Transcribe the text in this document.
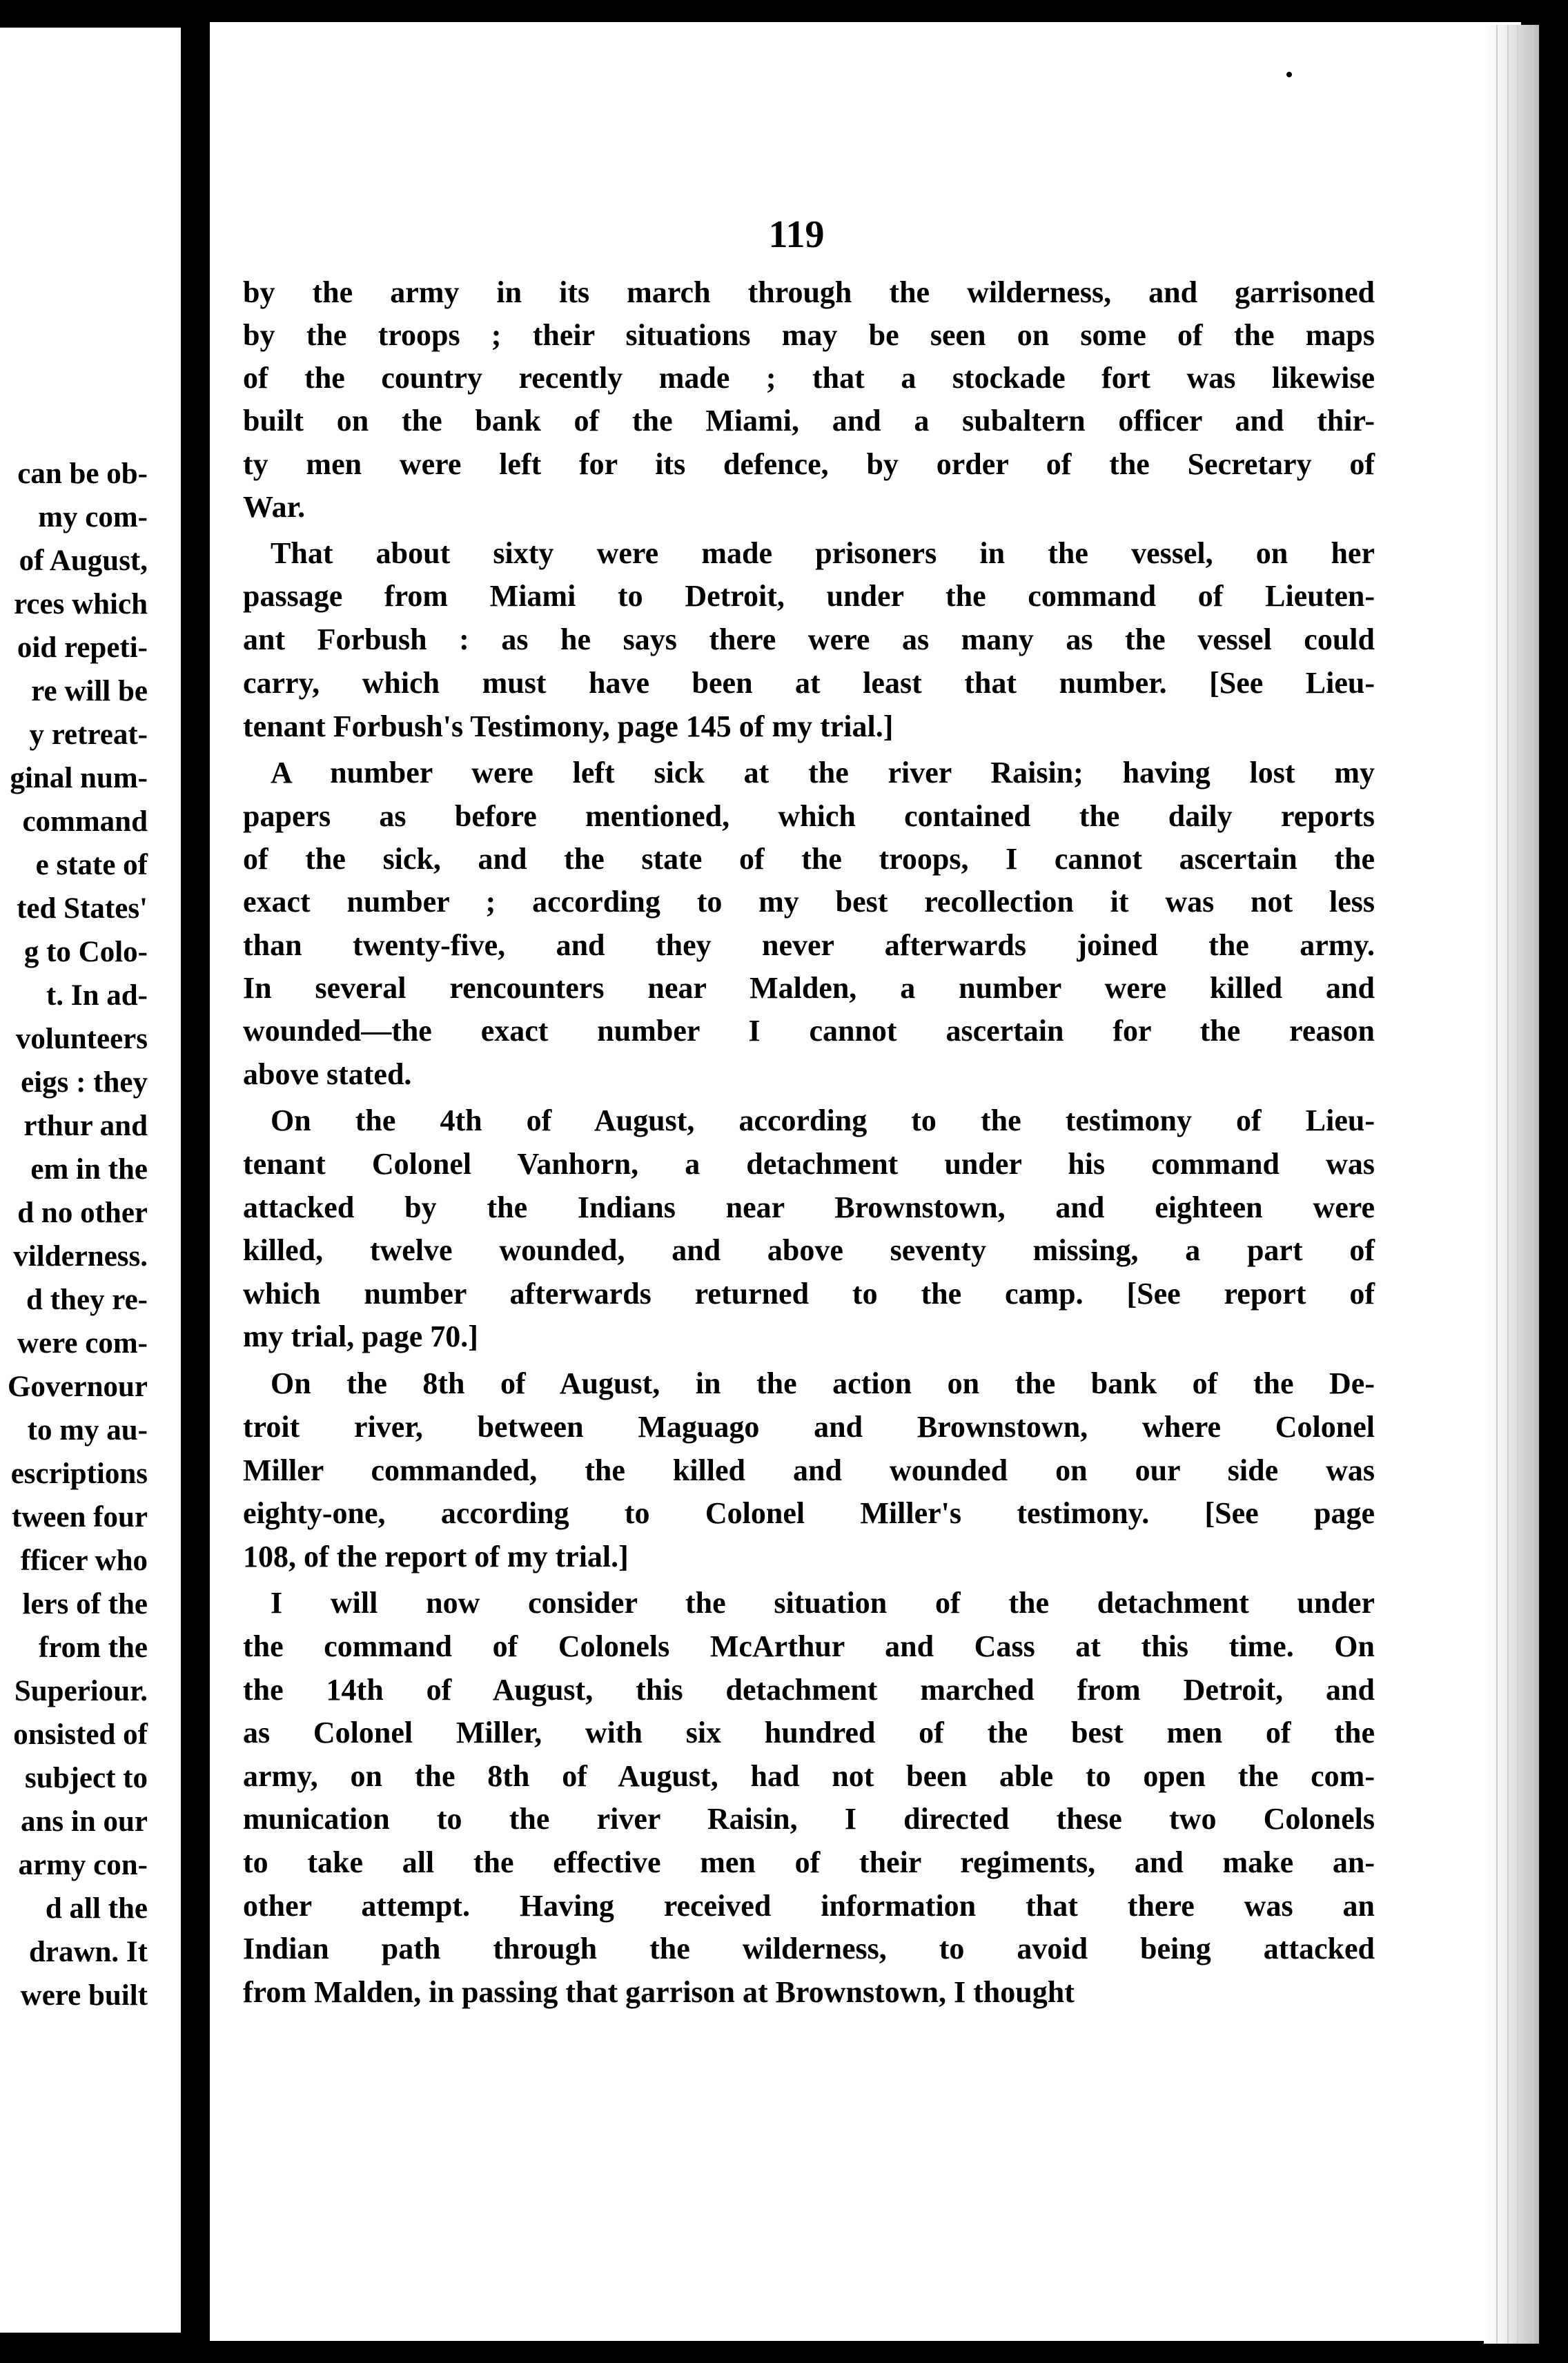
can be ob-
my com-
of August,
rces which
oid repeti-
re will be
y retreat-
ginal num-
command
e state of
ted States'
g to Colo-
t. In ad-
volunteers
eigs : they
rthur and
em in the
d no other
vilderness.
d they re-
were com-
Governour
to my au-
escriptions
tween four
fficer who
lers of the
from the
Superiour.
onsisted of
subject to
ans in our
army con-
d all the
drawn. It
were built
119
by the army in its march through the wilderness, and garrisoned
by the troops ; their situations may be seen on some of the maps
of the country recently made ; that a stockade fort was likewise
built on the bank of the Miami, and a subaltern officer and thir-
ty men were left for its defence, by order of the Secretary of
War.
That about sixty were made prisoners in the vessel, on her
passage from Miami to Detroit, under the command of Lieuten-
ant Forbush : as he says there were as many as the vessel could
carry, which must have been at least that number. [See Lieu-
tenant Forbush's Testimony, page 145 of my trial.]
A number were left sick at the river Raisin; having lost my
papers as before mentioned, which contained the daily reports
of the sick, and the state of the troops, I cannot ascertain the
exact number ; according to my best recollection it was not less
than twenty-five, and they never afterwards joined the army.
In several rencounters near Malden, a number were killed and
wounded—the exact number I cannot ascertain for the reason
above stated.
On the 4th of August, according to the testimony of Lieu-
tenant Colonel Vanhorn, a detachment under his command was
attacked by the Indians near Brownstown, and eighteen were
killed, twelve wounded, and above seventy missing, a part of
which number afterwards returned to the camp. [See report of
my trial, page 70.]
On the 8th of August, in the action on the bank of the De-
troit river, between Maguago and Brownstown, where Colonel
Miller commanded, the killed and wounded on our side was
eighty-one, according to Colonel Miller's testimony. [See page
108, of the report of my trial.]
I will now consider the situation of the detachment under
the command of Colonels McArthur and Cass at this time. On
the 14th of August, this detachment marched from Detroit, and
as Colonel Miller, with six hundred of the best men of the
army, on the 8th of August, had not been able to open the com-
munication to the river Raisin, I directed these two Colonels
to take all the effective men of their regiments, and make an-
other attempt. Having received information that there was an
Indian path through the wilderness, to avoid being attacked
from Malden, in passing that garrison at Brownstown, I thought
